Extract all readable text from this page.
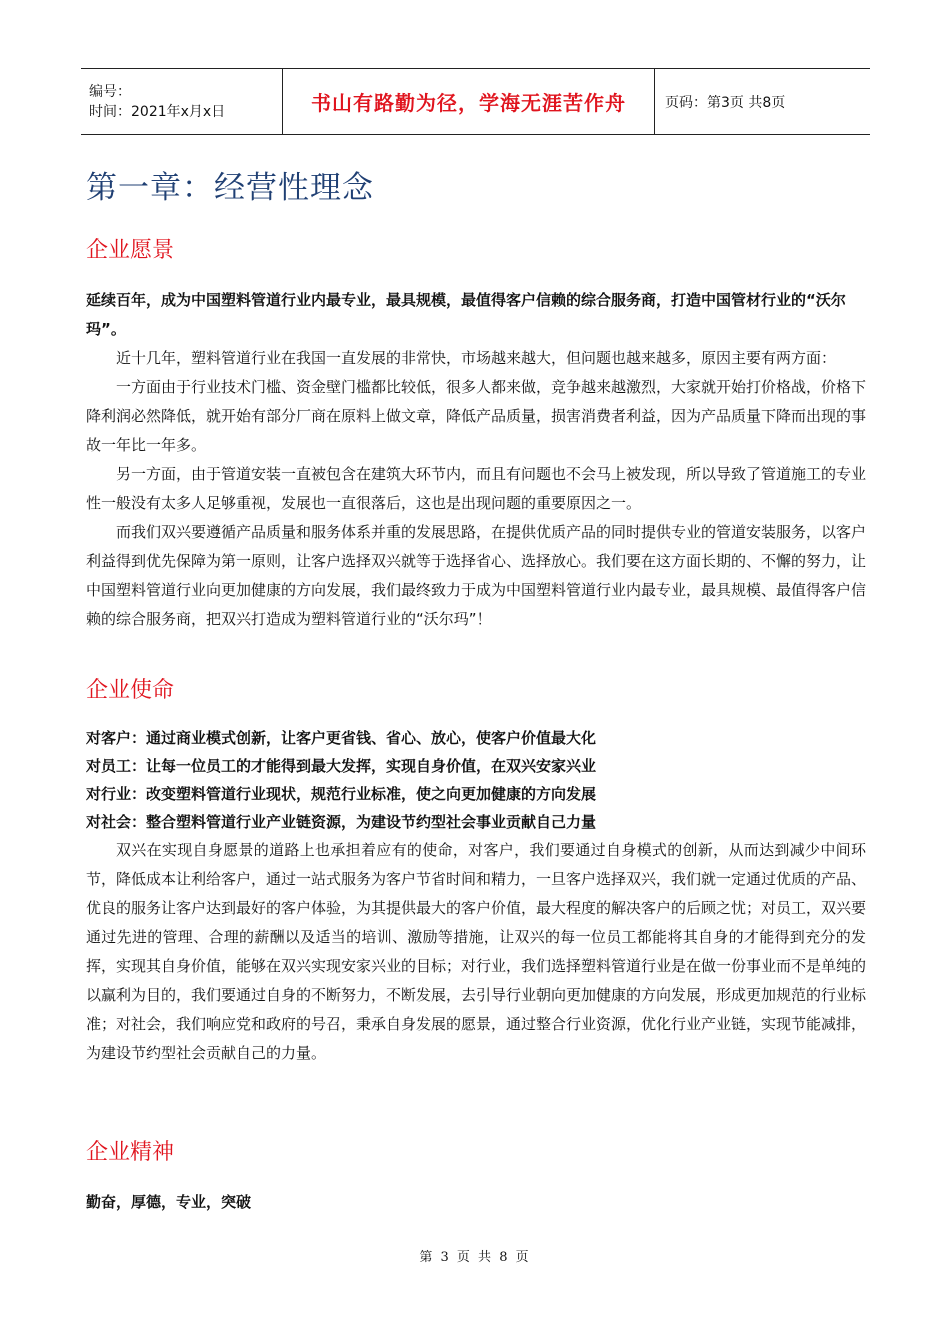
编号：
时间：2021年x月x日	书山有路勤为径，学海无涯苦作舟	页码：第3页 共8页
第一章：经营性理念
企业愿景

延续百年，成为中国塑料管道行业内最专业，最具规模，最值得客户信赖的综合服务商，打造中国管材行业的“沃尔玛”。

近十几年，塑料管道行业在我国一直发展的非常快，市场越来越大，但问题也越来越多，原因主要有两方面：

一方面由于行业技术门槛、资金壁门槛都比较低，很多人都来做，竞争越来越激烈，大家就开始打价格战，价格下降利润必然降低，就开始有部分厂商在原料上做文章，降低产品质量，损害消费者利益，因为产品质量下降而出现的事故一年比一年多。

另一方面，由于管道安装一直被包含在建筑大环节内，而且有问题也不会马上被发现，所以导致了管道施工的专业性一般没有太多人足够重视，发展也一直很落后，这也是出现问题的重要原因之一。

而我们双兴要遵循产品质量和服务体系并重的发展思路，在提供优质产品的同时提供专业的管道安装服务，以客户利益得到优先保障为第一原则，让客户选择双兴就等于选择省心、选择放心。我们要在这方面长期的、不懈的努力，让中国塑料管道行业向更加健康的方向发展，我们最终致力于成为中国塑料管道行业内最专业，最具规模、最值得客户信赖的综合服务商，把双兴打造成为塑料管道行业的“沃尔玛”！

企业使命

对客户：通过商业模式创新，让客户更省钱、省心、放心，使客户价值最大化

对员工：让每一位员工的才能得到最大发挥，实现自身价值，在双兴安家兴业

对行业：改变塑料管道行业现状，规范行业标准，使之向更加健康的方向发展

对社会：整合塑料管道行业产业链资源，为建设节约型社会事业贡献自己力量

双兴在实现自身愿景的道路上也承担着应有的使命，对客户，我们要通过自身模式的创新，从而达到减少中间环节，降低成本让利给客户，通过一站式服务为客户节省时间和精力，一旦客户选择双兴，我们就一定通过优质的产品、优良的服务让客户达到最好的客户体验，为其提供最大的客户价值，最大程度的解决客户的后顾之忧；对员工，双兴要通过先进的管理、合理的薪酬以及适当的培训、激励等措施，让双兴的每一位员工都能将其自身的才能得到充分的发挥，实现其自身价值，能够在双兴实现安家兴业的目标；对行业，我们选择塑料管道行业是在做一份事业而不是单纯的以赢利为目的，我们要通过自身的不断努力，不断发展，去引导行业朝向更加健康的方向发展，形成更加规范的行业标准；对社会，我们响应党和政府的号召，秉承自身发展的愿景，通过整合行业资源，优化行业产业链，实现节能减排，为建设节约型社会贡献自己的力量。

企业精神

勤奋，厚德，专业，突破

第 3 页 共 8 页
